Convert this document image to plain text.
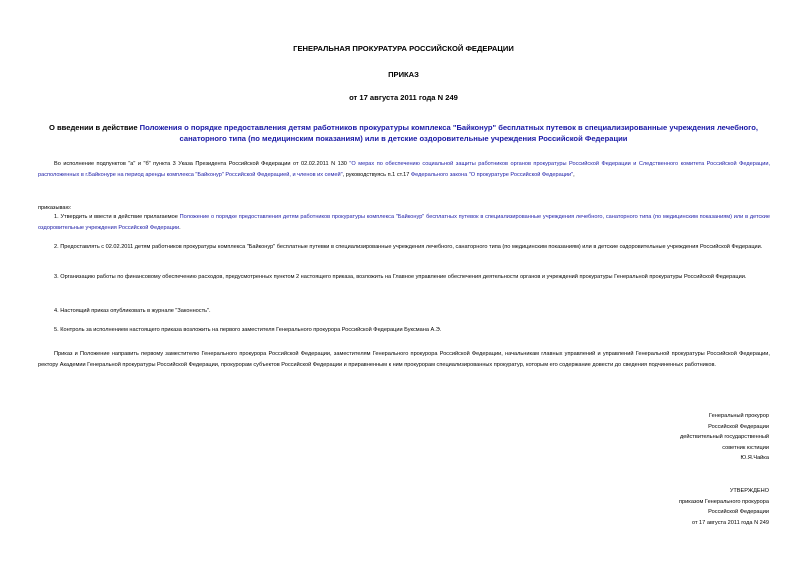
ГЕНЕРАЛЬНАЯ ПРОКУРАТУРА РОССИЙСКОЙ ФЕДЕРАЦИИ
ПРИКАЗ
от 17 августа 2011 года N 249
О введении в действие Положения о порядке предоставления детям работников прокуратуры комплекса "Байконур" бесплатных путевок в специализированные учреждения лечебного, санаторного типа (по медицинским показаниям) или в детские оздоровительные учреждения Российской Федерации
Во исполнение подпунктов "а" и "б" пункта 3 Указа Президента Российской Федерации от 02.02.2011 N 130 "О мерах по обеспечению социальной защиты работников органов прокуратуры Российской Федерации и Следственного комитета Российской Федерации, расположенных в г.Байконуре на период аренды комплекса "Байконур" Российской Федерацией, и членов их семей", руководствуясь п.1 ст.17 Федерального закона "О прокуратуре Российской Федерации",
приказываю:
1. Утвердить и ввести в действие прилагаемое Положение о порядке предоставления детям работников прокуратуры комплекса "Байконур" бесплатных путевок в специализированные учреждения лечебного, санаторного типа (по медицинским показаниям) или в детские оздоровительные учреждения Российской Федерации.
2. Предоставлять с 02.02.2011 детям работников прокуратуры комплекса "Байконур" бесплатные путевки в специализированные учреждения лечебного, санаторного типа (по медицинским показаниям) или в детские оздоровительные учреждения Российской Федерации.
3. Организацию работы по финансовому обеспечению расходов, предусмотренных пунктом 2 настоящего приказа, возложить на Главное управление обеспечения деятельности органов и учреждений прокуратуры Генеральной прокуратуры Российской Федерации.
4. Настоящий приказ опубликовать в журнале "Законность".
5. Контроль за исполнением настоящего приказа возложить на первого заместителя Генерального прокурора Российской Федерации Буксмана А.Э.
Приказ и Положение направить первому заместителю Генерального прокурора Российской Федерации, заместителям Генерального прокурора Российской Федерации, начальникам главных управлений и управлений Генеральной прокуратуры Российской Федерации, ректору Академии Генеральной прокуратуры Российской Федерации, прокурорам субъектов Российской Федерации и приравненным к ним прокурорам специализированных прокуратур, которым его содержание довести до сведения подчиненных работников.
Генеральный прокурор
Российской Федерации
действительный государственный
советник юстиции
Ю.Я.Чайка
УТВЕРЖДЕНО
приказом Генерального прокурора
Российской Федерации
от 17 августа 2011 года N 249
